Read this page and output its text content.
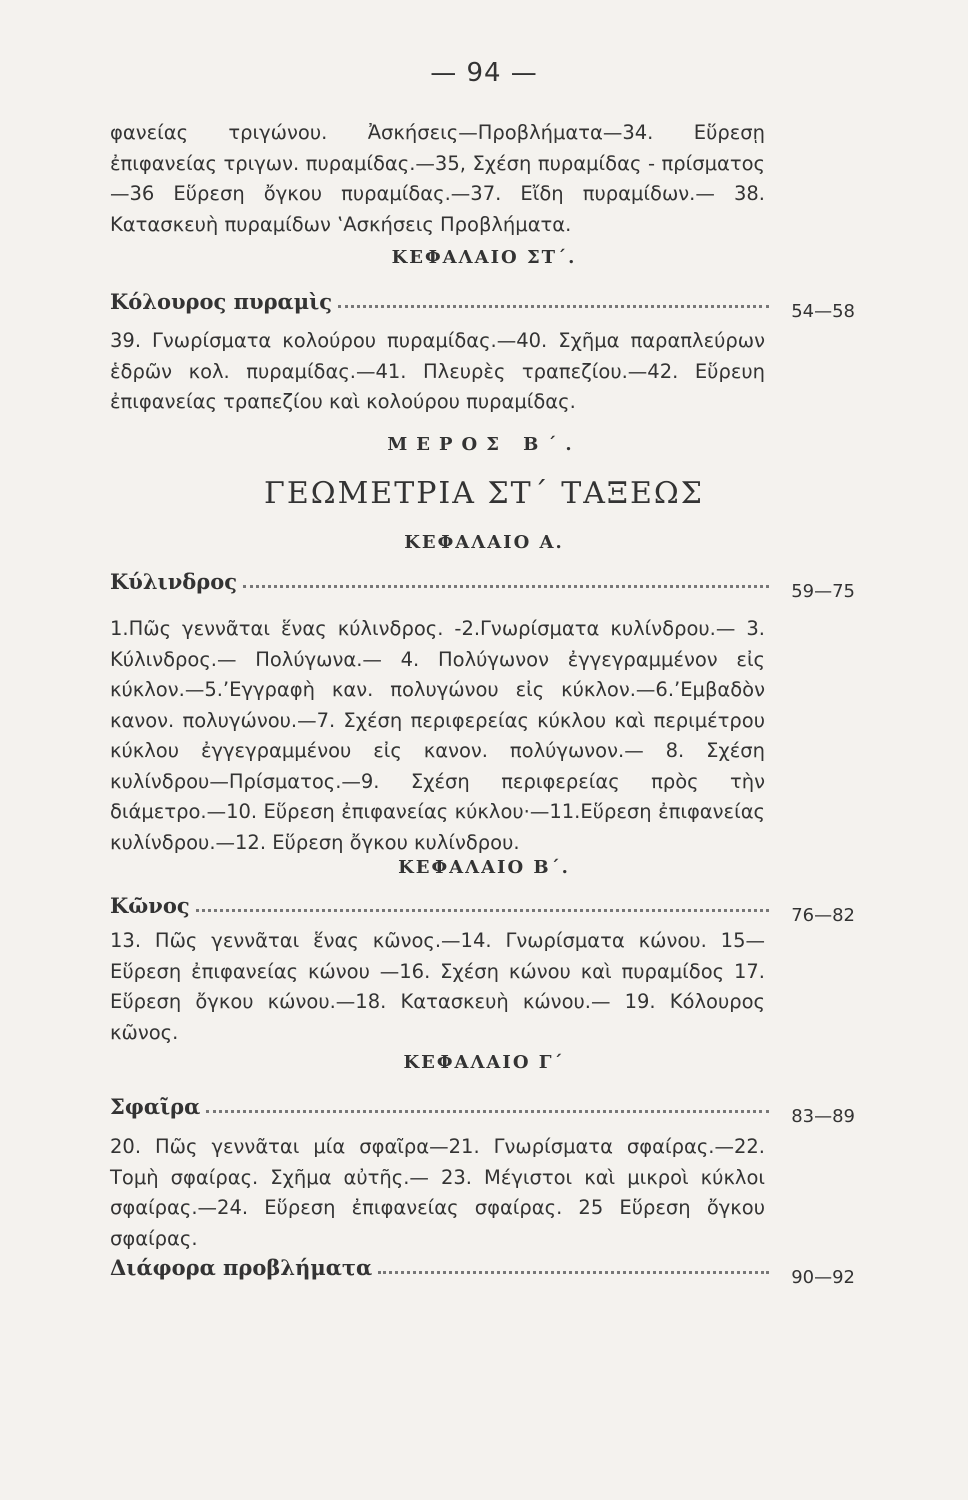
— 94 —
φανείας τριγώνου. Ἀσκήσεις—Προβλήματα—34. Εὕρεσῃ ἐπιφανείας τριγων. πυραμίδας.—35, Σχέση πυραμίδας - πρίσματος—36 Εὕρεση ὄγκου πυραμίδας.—37. Εἴδη πυραμίδων.— 38. Κατασκευὴ πυραμίδων ‛Ασκήσεις Προβλήματα.
ΚΕΦΑΛΑΙΟ ΣΤ΄.
Κόλουρος πυραμὶς	54—58
39. Γνωρίσματα κολούρου πυραμίδας.—40. Σχῆμα παραπλεύρων ἑδρῶν κολ. πυραμίδας.—41. Πλευρὲς τραπεζίου.—42. Εὕρευη ἐπιφανείας τραπεζίου καὶ κολούρου πυραμίδας.
ΜΕΡΟΣ Β΄.
ΓΕΩΜΕΤΡΙΑ ΣΤ΄ ΤΑΞΕΩΣ
ΚΕΦΑΛΑΙΟ Α.
Κύλινδρος	59—75
1.Πῶς γεννᾶται ἕνας κύλινδρος. -2.Γνωρίσματα κυλίνδρου.— 3. Κύλινδρος.— Πολύγωνα.— 4. Πολύγωνον ἐγγεγραμμένον εἰς κύκλον.—5.’Εγγραφὴ καν. πολυγώνου εἰς κύκλον.—6.’Εμβαδὸν κανον. πολυγώνου.—7. Σχέση περιφερείας κύκλου καὶ περιμέτρου κύκλου ἐγγεγραμμένου εἰς κανον. πολύγωνον.— 8. Σχέση κυλίνδρου—Πρίσματος.—9. Σχέση περιφερείας πρὸς τὴν διάμετρο.—10. Εὕρεση ἐπιφανείας κύκλου·—11.Εὕρεση ἐπιφανείας κυλίνδρου.—12. Εὕρεση ὄγκου κυλίνδρου.
ΚΕΦΑΛΑΙΟ Β΄.
Κῶνος	76—82
13. Πῶς γεννᾶται ἕνας κῶνος.—14. Γνωρίσματα κώνου. 15— Εὕρεση ἐπιφανείας κώνου —16. Σχέση κώνου καὶ πυραμίδος 17. Εὕρεση ὄγκου κώνου.—18. Κατασκευὴ κώνου.— 19. Κόλουρος κῶνος.
ΚΕΦΑΛΑΙΟ Γ΄
Σφαῖρα	83—89
20. Πῶς γεννᾶται μία σφαῖρα—21. Γνωρίσματα σφαίρας.—22. Τομὴ σφαίρας. Σχῆμα αὐτῆς.— 23. Μέγιστοι καὶ μικροὶ κύκλοι σφαίρας.—24. Εὕρεση ἐπιφανείας σφαίρας. 25 Εὕρεση ὄγκου σφαίρας.
Διάφορα προβλήματα	90—92
